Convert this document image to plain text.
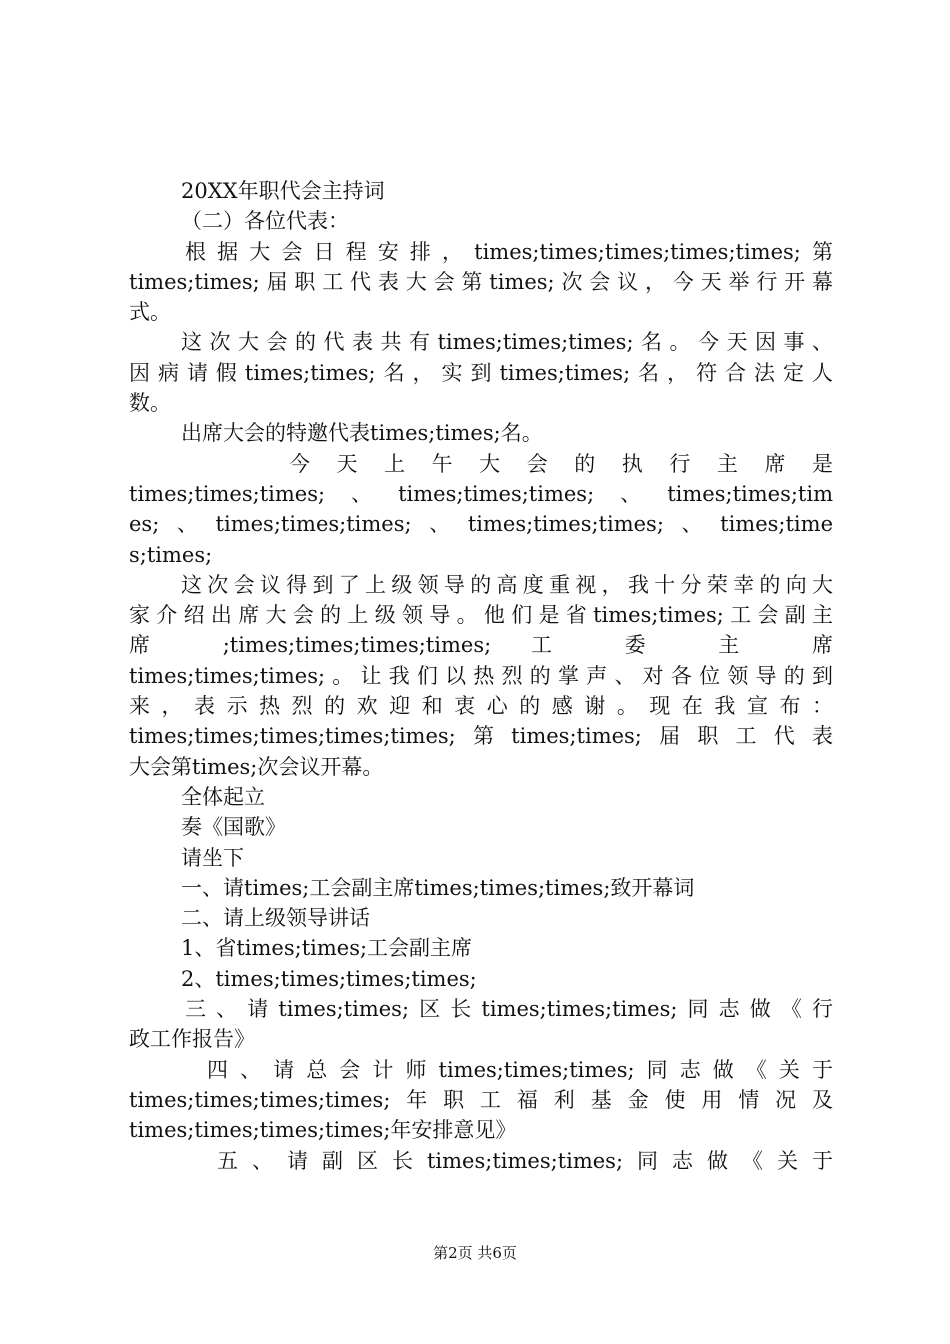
20XX年职代会主持词
（二）各位代表：
根据大会日程安排，times;times;times;times;times;第
times;times;届职工代表大会第times;次会议，今天举行开幕
式。
这次大会的代表共有times;times;times;名。今天因事、
因病请假times;times;名，实到times;times;名，符合法定人
数。
出席大会的特邀代表times;times;名。
今 天 上 午 大 会 的 执 行 主 席 是
times;times;times;、times;times;times;、times;times;tim
es;、times;times;times;、times;times;times;、times;time
s;times;
这次会议得到了上级领导的高度重视，我十分荣幸的向大
家介绍出席大会的上级领导。他们是省times;times;工会副主
席 ;times;times;times;times; 工 委 主 席
times;times;times;。让我们以热烈的掌声、对各位领导的到
来，表示热烈的欢迎和衷心的感谢。现在我宣布：
times;times;times;times;times;第times;times;届职工代表
大会第times;次会议开幕。
全体起立
奏《国歌》
请坐下
一、请times;工会副主席times;times;times;致开幕词
二、请上级领导讲话
1、省times;times;工会副主席
2、times;times;times;times;
三、请times;times;区长times;times;times;同志做《行
政工作报告》
四、请总会计师times;times;times;同志做《关于
times;times;times;times;年职工福利基金使用情况及
times;times;times;times;年安排意见》
五、请副区长times;times;times;同志做《关于
第2页 共6页
